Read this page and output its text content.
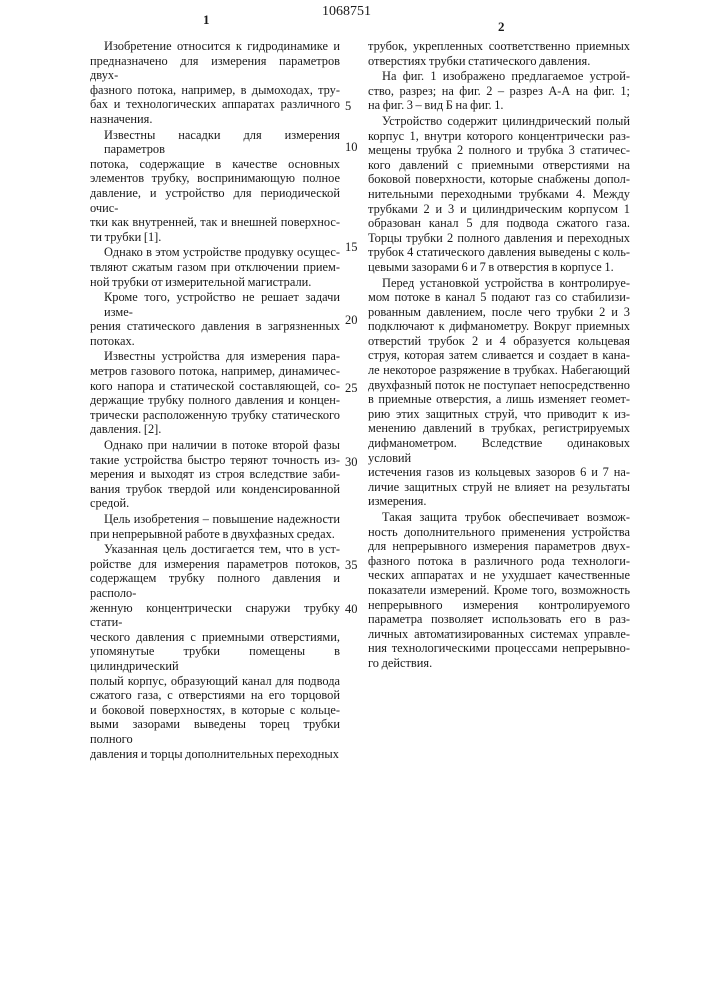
1
1068751
2
Изобретение относится к гидродинамике и
предназначено для измерения параметров двух-
фазного потока, например, в дымоходах, тру-
бах и технологических аппаратах различного
назначения.
Известны насадки для измерения параметров
потока, содержащие в качестве основных
элементов трубку, воспринимающую полное
давление, и устройство для периодической очис-
тки как внутренней, так и внешней поверхнос-
ти трубки [1].
Однако в этом устройстве продувку осущес-
твляют сжатым газом при отключении прием-
ной трубки от измерительной магистрали.
Кроме того, устройство не решает задачи изме-
рения статического давления в загрязненных
потоках.
Известны устройства для измерения пара-
метров газового потока, например, динамичес-
кого напора и статической составляющей, со-
держащие трубку полного давления и концен-
трически расположенную трубку статического
давления. [2].
Однако при наличии в потоке второй фазы
такие устройства быстро теряют точность из-
мерения и выходят из строя вследствие заби-
вания трубок твердой или конденсированной
средой.
Цель изобретения – повышение надежности
при непрерывной работе в двухфазных средах.
Указанная цель достигается тем, что в уст-
ройстве для измерения параметров потоков,
содержащем трубку полного давления и располо-
женную концентрически снаружи трубку стати-
ческого давления с приемными отверстиями,
упомянутые трубки помещены в цилиндрический
полый корпус, образующий канал для подвода
сжатого газа, с отверстиями на его торцовой
и боковой поверхностях, в которые с кольце-
выми зазорами выведены торец трубки полного
давления и торцы дополнительных переходных
трубок, укрепленных соответственно приемных
отверстиях трубки статического давления.
На фиг. 1 изображено предлагаемое устрой-
ство, разрез; на фиг. 2 – разрез А-А на фиг. 1;
на фиг. 3 – вид Б на фиг. 1.
Устройство содержит цилиндрический полый
корпус 1, внутри которого концентрически раз-
мещены трубка 2 полного и трубка 3 статичес-
кого давлений с приемными отверстиями на
боковой поверхности, которые снабжены допол-
нительными переходными трубками 4. Между
трубками 2 и 3 и цилиндрическим корпусом 1
образован канал 5 для подвода сжатого газа.
Торцы трубки 2 полного давления и переходных
трубок 4 статического давления выведены с коль-
цевыми зазорами 6 и 7 в отверстия в корпусе 1.
Перед установкой устройства в контролируе-
мом потоке в канал 5 подают газ со стабилизи-
рованным давлением, после чего трубки 2 и 3
подключают к дифманометру. Вокруг приемных
отверстий трубок 2 и 4 образуется кольцевая
струя, которая затем сливается и создает в кана-
ле некоторое разряжение в трубках. Набегающий
двухфазный поток не поступает непосредственно
в приемные отверстия, а лишь изменяет геомет-
рию этих защитных струй, что приводит к из-
менению давлений в трубках, регистрируемых
дифманометром. Вследствие одинаковых условий
истечения газов из кольцевых зазоров 6 и 7 на-
личие защитных струй не влияет на результаты
измерения.
Такая защита трубок обеспечивает возмож-
ность дополнительного применения устройства
для непрерывного измерения параметров двух-
фазного потока в различного рода технологи-
ческих аппаратах и не ухудшает качественные
показатели измерений. Кроме того, возможность
непрерывного измерения контролируемого
параметра позволяет использовать его в раз-
личных автоматизированных системах управле-
ния технологическими процессами непрерывно-
го действия.
5
10
15
20
25
30
35
40
